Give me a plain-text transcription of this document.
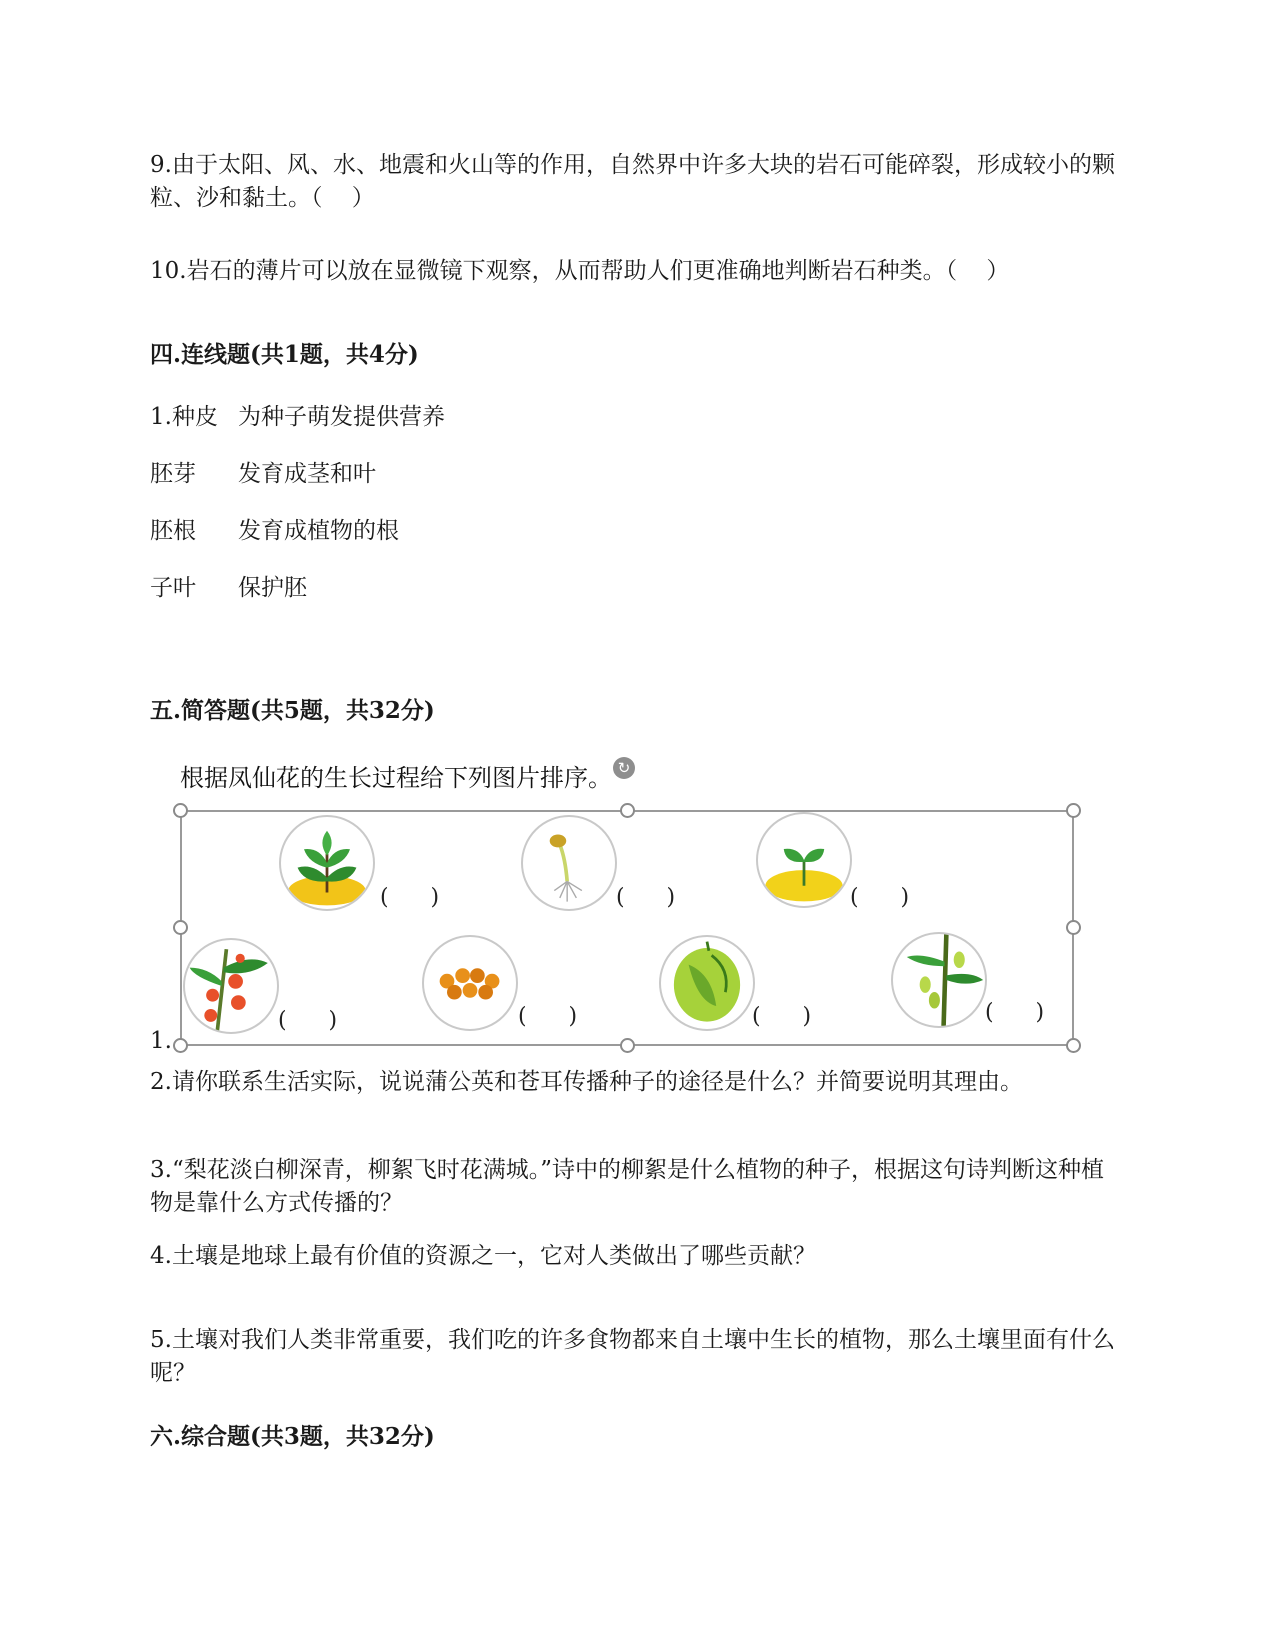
9.由于太阳、风、水、地震和火山等的作用，自然界中许多大块的岩石可能碎裂，形成较小的颗粒、沙和黏土。（    ）
10.岩石的薄片可以放在显微镜下观察，从而帮助人们更准确地判断岩石种类。（    ）
四.连线题(共1题，共4分)
1.种皮 为种子萌发提供营养
胚芽 发育成茎和叶
胚根 发育成植物的根
子叶 保护胚
五.简答题(共5题，共32分)
根据凤仙花的生长过程给下列图片排序。 ↻
1.
(      )	(      )	(      )
(      )	(      )	(      )	(      )
2.请你联系生活实际，说说蒲公英和苍耳传播种子的途径是什么？并简要说明其理由。
3.“梨花淡白柳深青，柳絮飞时花满城。”诗中的柳絮是什么植物的种子，根据这句诗判断这种植物是靠什么方式传播的？
4.土壤是地球上最有价值的资源之一，它对人类做出了哪些贡献？
5.土壤对我们人类非常重要，我们吃的许多食物都来自土壤中生长的植物，那么土壤里面有什么呢？
六.综合题(共3题，共32分)
